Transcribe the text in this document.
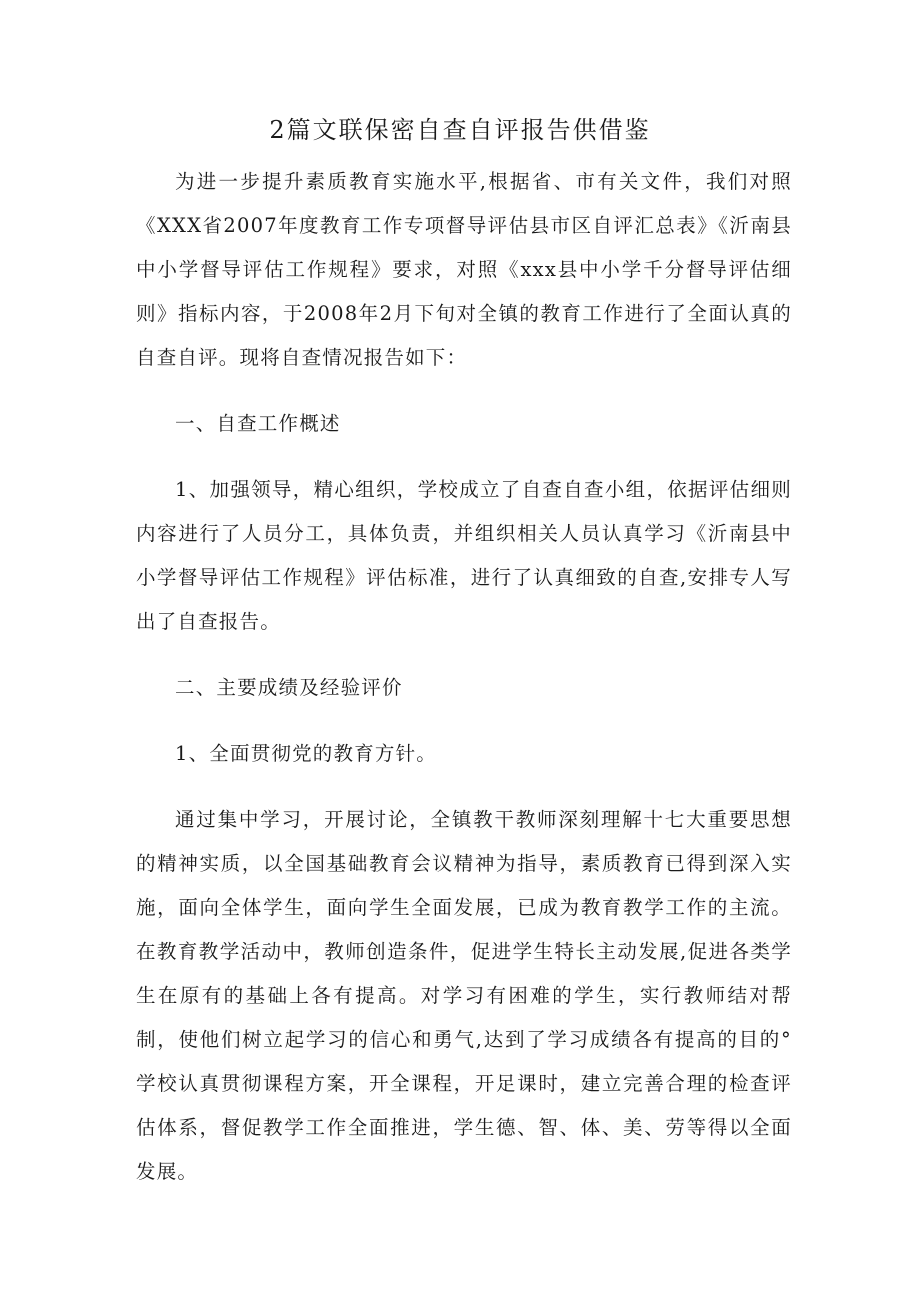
2篇文联保密自查自评报告供借鉴

为进一步提升素质教育实施水平,根据省、市有关文件，我们对照《XXX省2007年度教育工作专项督导评估县市区自评汇总表》《沂南县中小学督导评估工作规程》要求，对照《xxx县中小学千分督导评估细则》指标内容，于2008年2月下旬对全镇的教育工作进行了全面认真的自查自评。现将自查情况报告如下：

一、自查工作概述

1、加强领导，精心组织，学校成立了自查自查小组，依据评估细则内容进行了人员分工，具体负责，并组织相关人员认真学习《沂南县中小学督导评估工作规程》评估标准，进行了认真细致的自查,安排专人写出了自查报告。

二、主要成绩及经验评价

1、全面贯彻党的教育方针。

通过集中学习，开展讨论，全镇教干教师深刻理解十七大重要思想的精神实质，以全国基础教育会议精神为指导，素质教育已得到深入实施，面向全体学生，面向学生全面发展，已成为教育教学工作的主流。在教育教学活动中，教师创造条件，促进学生特长主动发展,促进各类学生在原有的基础上各有提高。对学习有困难的学生，实行教师结对帮制，使他们树立起学习的信心和勇气,达到了学习成绩各有提高的目的°学校认真贯彻课程方案，开全课程，开足课时，建立完善合理的检查评估体系，督促教学工作全面推进，学生德、智、体、美、劳等得以全面发展。
